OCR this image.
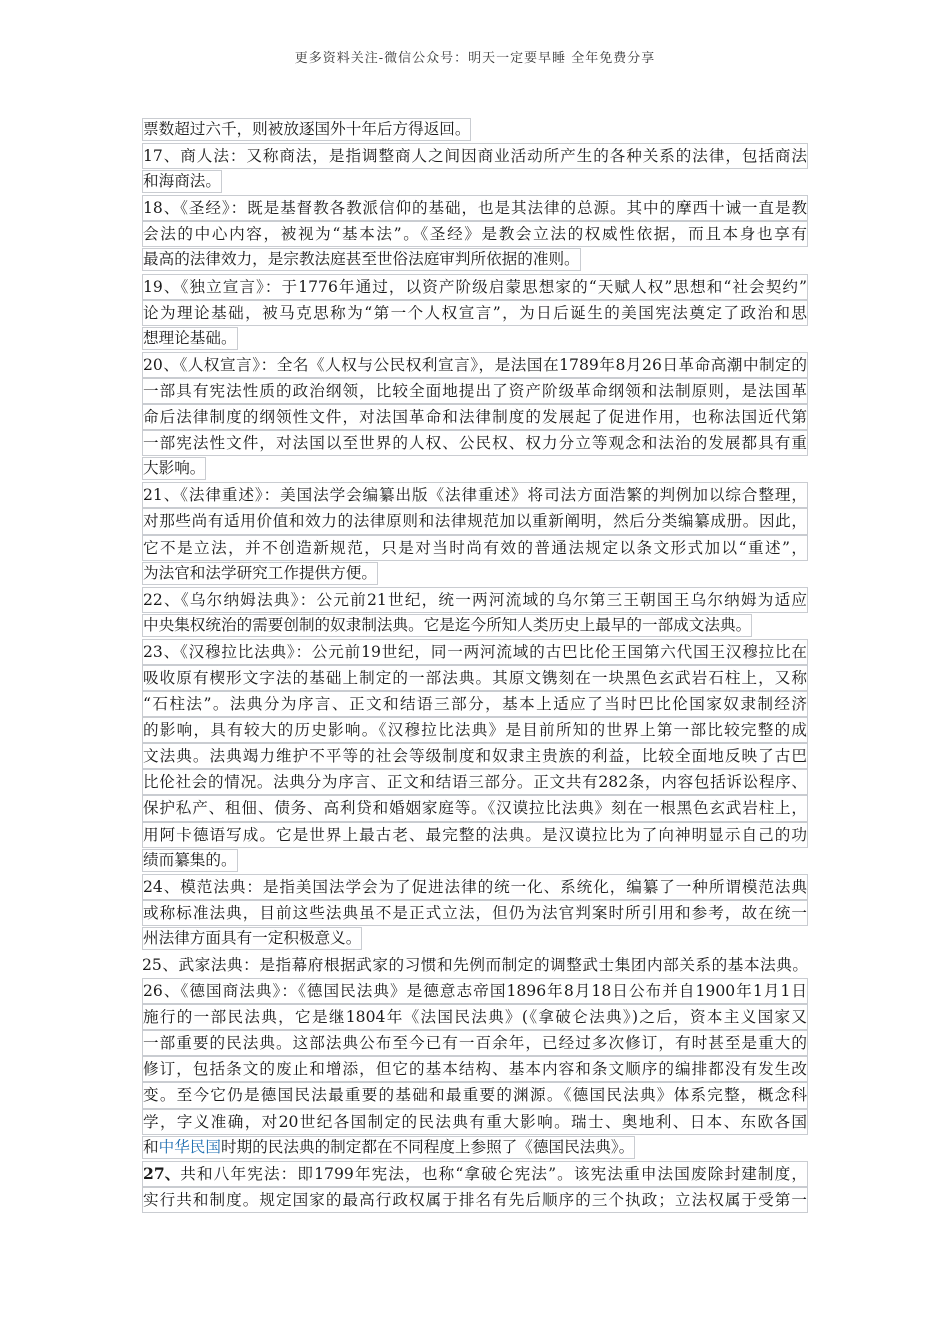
更多资料关注-微信公众号：明天一定要早睡 全年免费分享
票数超过六千，则被放逐国外十年后方得返回。
17、商人法：又称商法，是指调整商人之间因商业活动所产生的各种关系的法律，包括商法
和海商法。
18、《圣经》：既是基督教各教派信仰的基础，也是其法律的总源。其中的摩西十诫一直是教
会法的中心内容，被视为“基本法”。《圣经》是教会立法的权威性依据，而且本身也享有
最高的法律效力，是宗教法庭甚至世俗法庭审判所依据的准则。
19、《独立宣言》：于1776年通过，以资产阶级启蒙思想家的“天赋人权”思想和“社会契约”
论为理论基础，被马克思称为“第一个人权宣言”，为日后诞生的美国宪法奠定了政治和思
想理论基础。
20、《人权宣言》：全名《人权与公民权利宣言》，是法国在1789年8月26日革命高潮中制定的
一部具有宪法性质的政治纲领，比较全面地提出了资产阶级革命纲领和法制原则，是法国革
命后法律制度的纲领性文件，对法国革命和法律制度的发展起了促进作用，也称法国近代第
一部宪法性文件，对法国以至世界的人权、公民权、权力分立等观念和法治的发展都具有重
大影响。
21、《法律重述》：美国法学会编纂出版《法律重述》将司法方面浩繁的判例加以综合整理，
对那些尚有适用价值和效力的法律原则和法律规范加以重新阐明，然后分类编纂成册。因此，
它不是立法，并不创造新规范，只是对当时尚有效的普通法规定以条文形式加以“重述”，
为法官和法学研究工作提供方便。
22、《乌尔纳姆法典》：公元前21世纪，统一两河流域的乌尔第三王朝国王乌尔纳姆为适应
中央集权统治的需要创制的奴隶制法典。它是迄今所知人类历史上最早的一部成文法典。
23、《汉穆拉比法典》：公元前19世纪，同一两河流域的古巴比伦王国第六代国王汉穆拉比在
吸收原有楔形文字法的基础上制定的一部法典。其原文镌刻在一块黑色玄武岩石柱上，又称
“石柱法”。法典分为序言、正文和结语三部分，基本上适应了当时巴比伦国家奴隶制经济
的影响，具有较大的历史影响。《汉穆拉比法典》是目前所知的世界上第一部比较完整的成
文法典。法典竭力维护不平等的社会等级制度和奴隶主贵族的利益，比较全面地反映了古巴
比伦社会的情况。法典分为序言、正文和结语三部分。正文共有282条，内容包括诉讼程序、
保护私产、租佃、债务、高利贷和婚姻家庭等。《汉谟拉比法典》刻在一根黑色玄武岩柱上，
用阿卡德语写成。它是世界上最古老、最完整的法典。是汉谟拉比为了向神明显示自己的功
绩而纂集的。
24、模范法典：是指美国法学会为了促进法律的统一化、系统化，编纂了一种所谓模范法典
或称标准法典，目前这些法典虽不是正式立法，但仍为法官判案时所引用和参考，故在统一
州法律方面具有一定积极意义。
25、武家法典：是指幕府根据武家的习惯和先例而制定的调整武士集团内部关系的基本法典。
26、《德国商法典》：《德国民法典》是德意志帝国1896年8月18日公布并自1900年1月1日
施行的一部民法典，它是继1804年《法国民法典》(《拿破仑法典》)之后，资本主义国家又
一部重要的民法典。这部法典公布至今已有一百余年，已经过多次修订，有时甚至是重大的
修订，包括条文的废止和增添，但它的基本结构、基本内容和条文顺序的编排都没有发生改
变。至今它仍是德国民法最重要的基础和最重要的渊源。《德国民法典》体系完整，概念科
学，字义准确，对20世纪各国制定的民法典有重大影响。瑞士、奥地利、日本、东欧各国
和中华民国时期的民法典的制定都在不同程度上参照了《德国民法典》。
27、 共和八年宪法：即1799年宪法，也称“拿破仑宪法”。该宪法重申法国废除封建制度，
实行共和制度。规定国家的最高行政权属于排名有先后顺序的三个执政；立法权属于受第一
